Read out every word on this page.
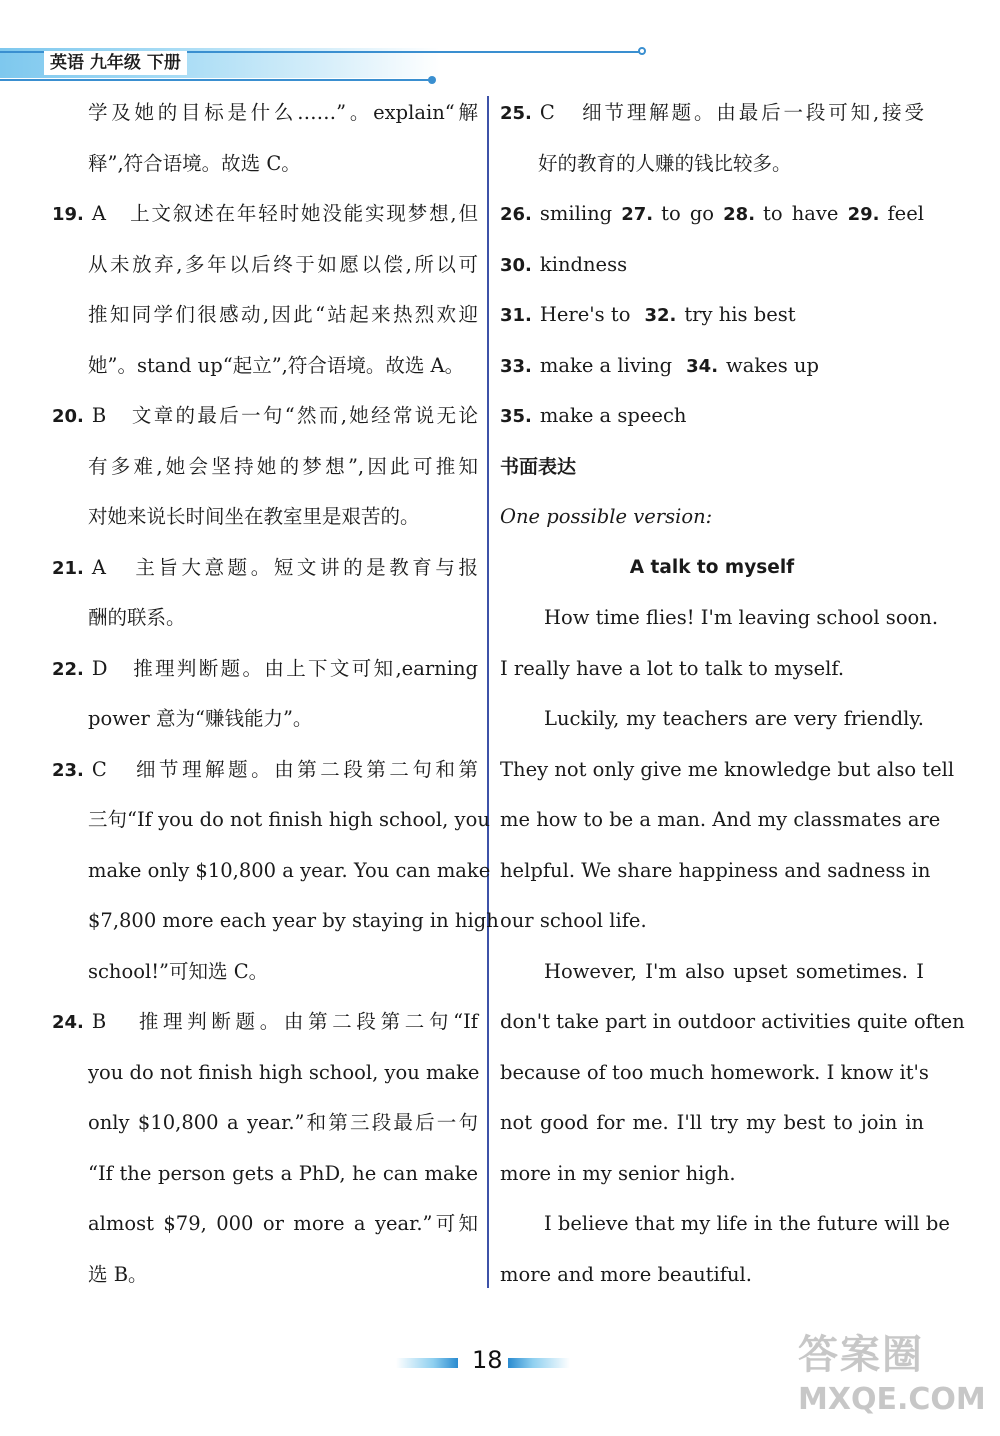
英语 九年级 下册
学及她的目标是什么……”。explain“解
释”,符合语境。故选 C。
19. A 上文叙述在年轻时她没能实现梦想,但
从未放弃,多年以后终于如愿以偿,所以可
推知同学们很感动,因此“站起来热烈欢迎
她”。stand up“起立”,符合语境。故选 A。
20. B 文章的最后一句“然而,她经常说无论
有多难,她会坚持她的梦想”,因此可推知
对她来说长时间坐在教室里是艰苦的。
21. A 主旨大意题。短文讲的是教育与报
酬的联系。
22. D 推理判断题。由上下文可知,earning
power 意为“赚钱能力”。
23. C 细节理解题。由第二段第二句和第
三句“If you do not finish high school, you
make only $10,800 a year. You can make
$7,800 more each year by staying in high
school!”可知选 C。
24. B 推理判断题。由第二段第二句“If
you do not finish high school, you make
only $10,800 a year.”和第三段最后一句
“If the person gets a PhD, he can make
almost $79, 000 or more a year.”可知
选 B。
25. C 细节理解题。由最后一段可知,接受
好的教育的人赚的钱比较多。
26. smiling 27. to go 28. to have 29. feel
30. kindness
31. Here's to 32. try his best
33. make a living 34. wakes up
35. make a speech
书面表达
One possible version:
A talk to myself
How time flies! I'm leaving school soon.
I really have a lot to talk to myself.
Luckily, my teachers are very friendly.
They not only give me knowledge but also tell
me how to be a man. And my classmates are
helpful. We share happiness and sadness in
our school life.
However, I'm also upset sometimes. I
don't take part in outdoor activities quite often
because of too much homework. I know it's
not good for me. I'll try my best to join in
more in my senior high.
I believe that my life in the future will be
more and more beautiful.
18	答案圈
MXQE.COM
